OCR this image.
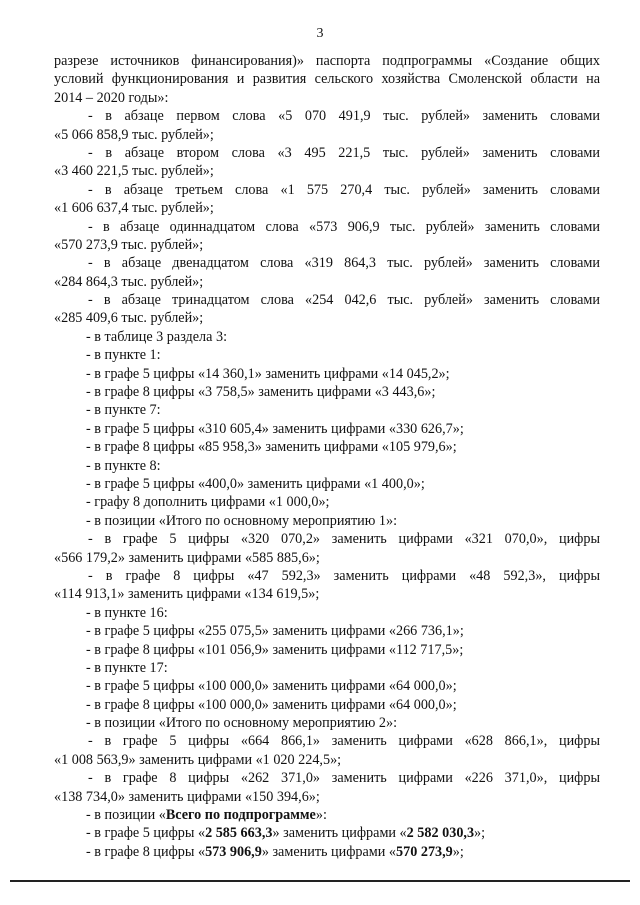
3
разрезе источников финансирования)» паспорта подпрограммы «Создание общих
условий функционирования и развития сельского хозяйства Смоленской области на
2014 – 2020 годы»:
- в абзаце первом слова «5 070 491,9 тыс. рублей» заменить словами
«5 066 858,9 тыс. рублей»;
- в абзаце втором слова «3 495 221,5 тыс. рублей» заменить словами
«3 460 221,5 тыс. рублей»;
- в абзаце третьем слова «1 575 270,4 тыс. рублей» заменить словами
«1 606 637,4 тыс. рублей»;
- в абзаце одиннадцатом слова «573 906,9 тыс. рублей» заменить словами
«570 273,9 тыс. рублей»;
- в абзаце двенадцатом слова «319 864,3 тыс. рублей» заменить словами
«284 864,3 тыс. рублей»;
- в абзаце тринадцатом слова «254 042,6 тыс. рублей» заменить словами
«285 409,6 тыс. рублей»;
- в таблице 3 раздела 3:
- в пункте 1:
- в графе 5 цифры «14 360,1» заменить цифрами «14 045,2»;
- в графе 8 цифры «3 758,5» заменить цифрами «3 443,6»;
- в пункте 7:
- в графе 5 цифры «310 605,4» заменить цифрами «330 626,7»;
- в графе 8 цифры «85 958,3» заменить цифрами «105 979,6»;
- в пункте 8:
- в графе 5 цифры «400,0» заменить цифрами «1 400,0»;
- графу 8 дополнить цифрами «1 000,0»;
- в позиции «Итого по основному мероприятию 1»:
- в графе 5 цифры «320 070,2» заменить цифрами «321 070,0», цифры
«566 179,2» заменить цифрами «585 885,6»;
- в графе 8 цифры «47 592,3» заменить цифрами «48 592,3», цифры
«114 913,1» заменить цифрами «134 619,5»;
- в пункте 16:
- в графе 5 цифры «255 075,5» заменить цифрами «266 736,1»;
- в графе 8 цифры «101 056,9» заменить цифрами «112 717,5»;
- в пункте 17:
- в графе 5 цифры «100 000,0» заменить цифрами «64 000,0»;
- в графе 8 цифры «100 000,0» заменить цифрами «64 000,0»;
- в позиции «Итого по основному мероприятию 2»:
- в графе 5 цифры «664 866,1» заменить цифрами «628 866,1», цифры
«1 008 563,9» заменить цифрами «1 020 224,5»;
- в графе 8 цифры «262 371,0» заменить цифрами «226 371,0», цифры
«138 734,0» заменить цифрами «150 394,6»;
- в позиции «Всего по подпрограмме»:
- в графе 5 цифры «2 585 663,3» заменить цифрами «2 582 030,3»;
- в графе 8 цифры «573 906,9» заменить цифрами «570 273,9»;
